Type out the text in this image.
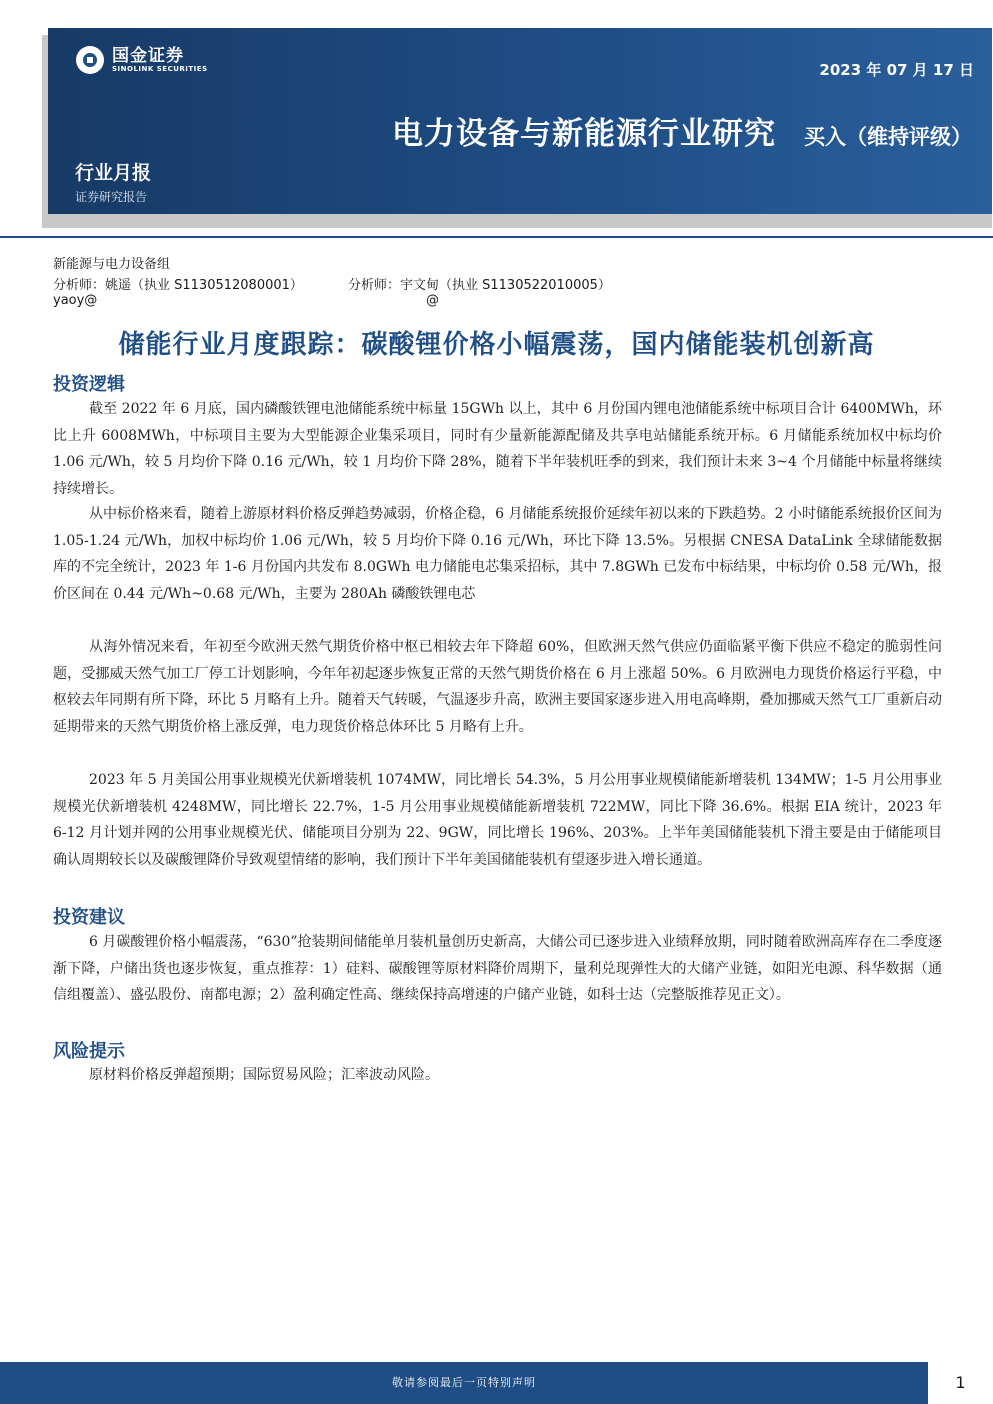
国金证券
SINOLINK SECURITIES	2023 年 07 月 17 日
电力设备与新能源行业研究 买入（维持评级）
行业月报
证券研究报告
新能源与电力设备组
分析师：姚遥（执业 S1130512080001）	分析师：宇文甸（执业 S1130522010005）
yaoy@	@
储能行业月度跟踪：碳酸锂价格小幅震荡，国内储能装机创新高
投资逻辑
截至 2022 年 6 月底，国内磷酸铁锂电池储能系统中标量 15GWh 以上，其中 6 月份国内锂电池储能系统中标项目合计 6400MWh，环比上升 6008MWh，中标项目主要为大型能源企业集采项目，同时有少量新能源配储及共享电站储能系统开标。6 月储能系统加权中标均价 1.06 元/Wh，较 5 月均价下降 0.16 元/Wh，较 1 月均价下降 28%，随着下半年装机旺季的到来，我们预计未来 3~4 个月储能中标量将继续持续增长。
从中标价格来看，随着上游原材料价格反弹趋势减弱，价格企稳，6 月储能系统报价延续年初以来的下跌趋势。2 小时储能系统报价区间为 1.05-1.24 元/Wh，加权中标均价 1.06 元/Wh，较 5 月均价下降 0.16 元/Wh，环比下降 13.5%。另根据 CNESA DataLink 全球储能数据库的不完全统计，2023 年 1-6 月份国内共发布 8.0GWh 电力储能电芯集采招标，其中 7.8GWh 已发布中标结果，中标均价 0.58 元/Wh，报价区间在 0.44 元/Wh~0.68 元/Wh，主要为 280Ah 磷酸铁锂电芯
从海外情况来看，年初至今欧洲天然气期货价格中枢已相较去年下降超 60%，但欧洲天然气供应仍面临紧平衡下供应不稳定的脆弱性问题，受挪威天然气加工厂停工计划影响，今年年初起逐步恢复正常的天然气期货价格在 6 月上涨超 50%。6 月欧洲电力现货价格运行平稳，中枢较去年同期有所下降，环比 5 月略有上升。随着天气转暖，气温逐步升高，欧洲主要国家逐步进入用电高峰期，叠加挪威天然气工厂重新启动延期带来的天然气期货价格上涨反弹，电力现货价格总体环比 5 月略有上升。
2023 年 5 月美国公用事业规模光伏新增装机 1074MW，同比增长 54.3%，5 月公用事业规模储能新增装机 134MW；1-5 月公用事业规模光伏新增装机 4248MW，同比增长 22.7%，1-5 月公用事业规模储能新增装机 722MW，同比下降 36.6%。根据 EIA 统计，2023 年 6-12 月计划并网的公用事业规模光伏、储能项目分别为 22、9GW，同比增长 196%、203%。上半年美国储能装机下滑主要是由于储能项目确认周期较长以及碳酸锂降价导致观望情绪的影响，我们预计下半年美国储能装机有望逐步进入增长通道。
投资建议
6 月碳酸锂价格小幅震荡，“630”抢装期间储能单月装机量创历史新高，大储公司已逐步进入业绩释放期，同时随着欧洲高库存在二季度逐渐下降，户储出货也逐步恢复，重点推荐：1）硅料、碳酸锂等原材料降价周期下，量利兑现弹性大的大储产业链，如阳光电源、科华数据（通信组覆盖）、盛弘股份、南都电源；2）盈利确定性高、继续保持高增速的户储产业链，如科士达（完整版推荐见正文）。
风险提示
原材料价格反弹超预期；国际贸易风险；汇率波动风险。
敬请参阅最后一页特别声明	1
